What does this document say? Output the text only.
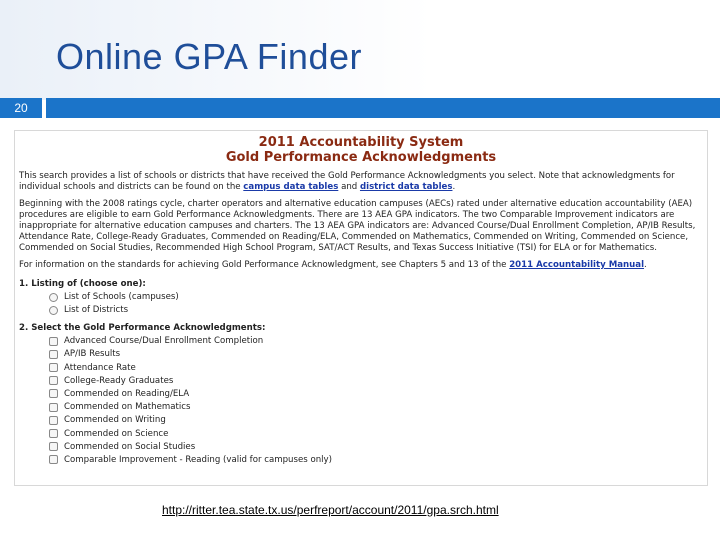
Online GPA Finder
20
2011 Accountability System
Gold Performance Acknowledgments
This search provides a list of schools or districts that have received the Gold Performance Acknowledgments you select. Note that acknowledgments for individual schools and districts can be found on the campus data tables and district data tables.
Beginning with the 2008 ratings cycle, charter operators and alternative education campuses (AECs) rated under alternative education accountability (AEA) procedures are eligible to earn Gold Performance Acknowledgments. There are 13 AEA GPA indicators. The two Comparable Improvement indicators are inappropriate for alternative education campuses and charters. The 13 AEA GPA indicators are: Advanced Course/Dual Enrollment Completion, AP/IB Results, Attendance Rate, College-Ready Graduates, Commended on Reading/ELA, Commended on Mathematics, Commended on Writing, Commended on Science, Commended on Social Studies, Recommended High School Program, SAT/ACT Results, and Texas Success Initiative (TSI) for ELA or for Mathematics.
For information on the standards for achieving Gold Performance Acknowledgment, see Chapters 5 and 13 of the 2011 Accountability Manual.
1. Listing of (choose one):
List of Schools (campuses)
List of Districts
2. Select the Gold Performance Acknowledgments:
Advanced Course/Dual Enrollment Completion
AP/IB Results
Attendance Rate
College-Ready Graduates
Commended on Reading/ELA
Commended on Mathematics
Commended on Writing
Commended on Science
Commended on Social Studies
Comparable Improvement - Reading (valid for campuses only)
http://ritter.tea.state.tx.us/perfreport/account/2011/gpa.srch.html
